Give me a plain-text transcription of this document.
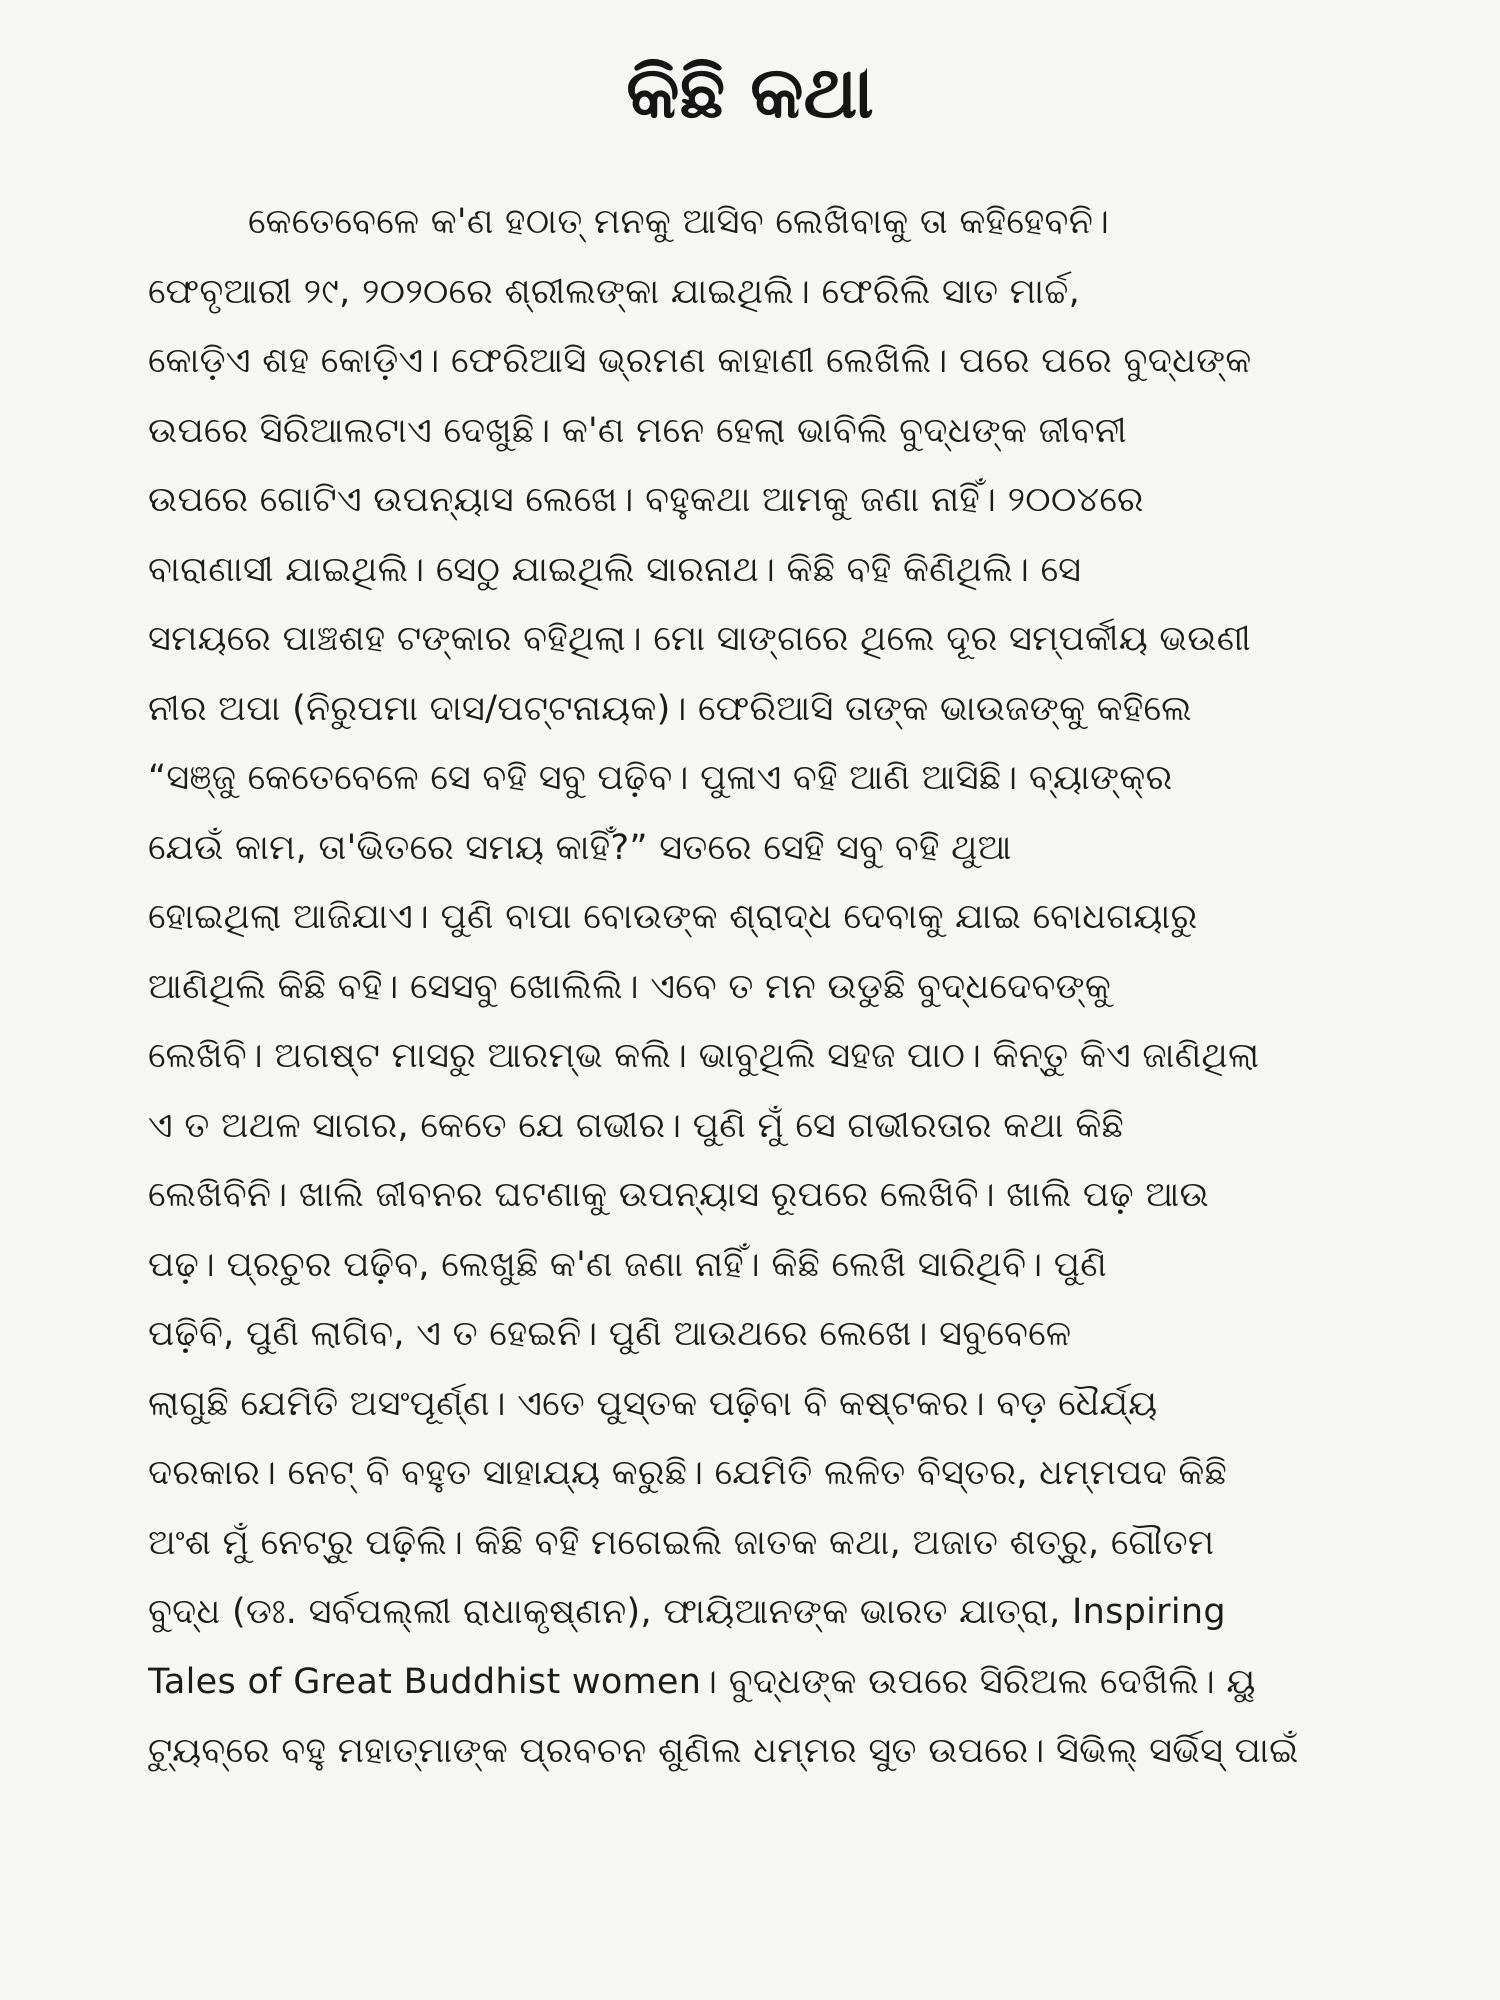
କିଛି କଥା
କେତେବେଳେ କ'ଣ ହଠାତ୍ ମନକୁ ଆସିବ ଲେଖିବାକୁ ତା କହିହେବନି।
ଫେବୃଆରୀ ୨୯, ୨୦୨୦ରେ ଶ୍ରୀଲଙ୍କା ଯାଇଥିଲି। ଫେରିଲି ସାତ ମାର୍ଚ୍ଚ,
କୋଡ଼ିଏ ଶହ କୋଡ଼ିଏ। ଫେରିଆସି ଭ୍ରମଣ କାହାଣୀ ଲେଖିଲି। ପରେ ପରେ ବୁଦ୍ଧଙ୍କ
ଉପରେ ସିରିଆଲଟାଏ ଦେଖୁଛି। କ'ଣ ମନେ ହେଲା ଭାବିଲି ବୁଦ୍ଧଙ୍କ ଜୀବନୀ
ଉପରେ ଗୋଟିଏ ଉପନ୍ୟାସ ଲେଖେ। ବହୁକଥା ଆମକୁ ଜଣା ନାହିଁ। ୨୦୦୪ରେ
ବାରାଣାସୀ ଯାଇଥିଲି। ସେଠୁ ଯାଇଥିଲି ସାରନାଥ। କିଛି ବହି କିଣିଥିଲି। ସେ
ସମୟରେ ପାଞ୍ଚଶହ ଟଙ୍କାର ବହିଥିଲା। ମୋ ସାଙ୍ଗରେ ଥିଲେ ଦୂର ସମ୍ପର୍କୀୟ ଭଉଣୀ
ନୀର ଅପା (ନିରୁପମା ଦାସ/ପଟ୍ଟନାୟକ)। ଫେରିଆସି ତାଙ୍କ ଭାଉଜଙ୍କୁ କହିଲେ
“ସଞ୍ଜୁ କେତେବେଳେ ସେ ବହି ସବୁ ପଢ଼ିବ। ପୁଳାଏ ବହି ଆଣି ଆସିଛି। ବ୍ୟାଙ୍କ୍‌ର
ଯେଉଁ କାମ, ତା'ଭିତରେ ସମୟ କାହିଁ?” ସତରେ ସେହି ସବୁ ବହି ଥୁଆ
ହୋଇଥିଲା ଆଜିଯାଏ। ପୁଣି ବାପା ବୋଉଙ୍କ ଶ୍ରାଦ୍ଧ ଦେବାକୁ ଯାଇ ବୋଧଗୟାରୁ
ଆଣିଥିଲି କିଛି ବହି। ସେସବୁ ଖୋଲିଲି। ଏବେ ତ ମନ ଉଡୁଛି ବୁଦ୍ଧଦେବଙ୍କୁ
ଲେଖିବି। ଅଗଷ୍ଟ ମାସରୁ ଆରମ୍ଭ କଲି। ଭାବୁଥିଲି ସହଜ ପାଠ। କିନ୍ତୁ କିଏ ଜାଣିଥିଲା
ଏ ତ ଅଥଳ ସାଗର, କେତେ ଯେ ଗଭୀର। ପୁଣି ମୁଁ ସେ ଗଭୀରତାର କଥା କିଛି
ଲେଖିବିନି। ଖାଲି ଜୀବନର ଘଟଣାକୁ ଉପନ୍ୟାସ ରୂପରେ ଲେଖିବି। ଖାଲି ପଢ଼ ଆଉ
ପଢ଼। ପ୍ରଚୁର ପଢ଼ିବ, ଲେଖୁଛି କ'ଣ ଜଣା ନାହିଁ। କିଛି ଲେଖି ସାରିଥିବି। ପୁଣି
ପଢ଼ିବି, ପୁଣି ଲାଗିବ, ଏ ତ ହେଇନି। ପୁଣି ଆଉଥରେ ଲେଖେ। ସବୁବେଳେ
ଲାଗୁଛି ଯେମିତି ଅସଂପୂର୍ଣ୍ଣ। ଏତେ ପୁସ୍ତକ ପଢ଼ିବା ବି କଷ୍ଟକର। ବଡ଼ ଧୈର୍ଯ୍ୟ
ଦରକାର। ନେଟ୍ ବି ବହୁତ ସାହାଯ୍ୟ କରୁଛି। ଯେମିତି ଲଳିତ ବିସ୍ତର, ଧମ୍ମପଦ କିଛି
ଅଂଶ ମୁଁ ନେଟ୍‌ରୁ ପଢ଼ିଲି। କିଛି ବହି ମଗେଇଲି ଜାତକ କଥା, ଅଜାତ ଶତ୍ରୁ, ଗୌତମ
ବୁଦ୍ଧ (ଡଃ. ସର୍ବପଲ୍ଲୀ ରାଧାକୃଷ୍ଣନ), ଫାୟିଆନଙ୍କ ଭାରତ ଯାତ୍ରା, Inspiring
Tales of Great Buddhist women। ବୁଦ୍ଧଙ୍କ ଉପରେ ସିରିଅଲ ଦେଖିଲି। ୟୁ
ଟ୍ୟୁବ୍‌ରେ ବହୁ ମହାତ୍ମାଙ୍କ ପ୍ରବଚନ ଶୁଣିଲ ଧମ୍ମର ସୁତ ଉପରେ। ସିଭିଲ୍ ସର୍ଭିସ୍ ପାଇଁ
